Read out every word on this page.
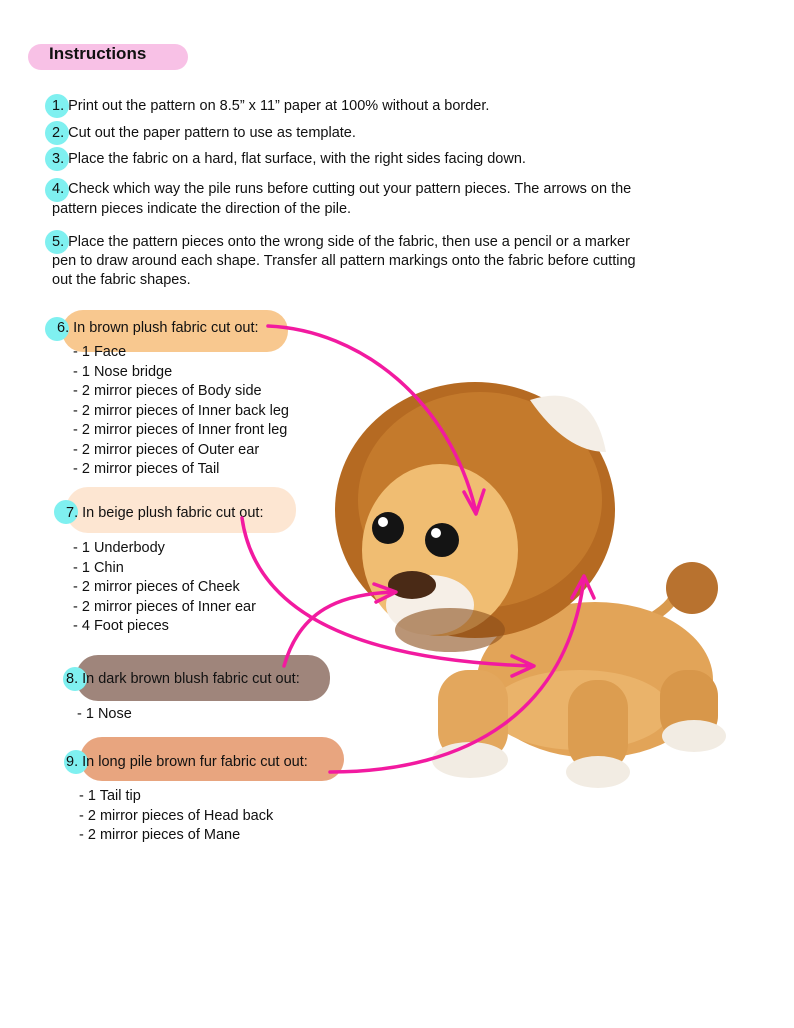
Instructions
1. Print out the pattern on 8.5” x 11” paper at 100% without a border.
2. Cut out the paper pattern to use as template.
3. Place the fabric on a hard, flat surface, with the right sides facing down.
4. Check which way the pile runs before cutting out your pattern pieces. The arrows on the
pattern pieces indicate the direction of the pile.
5. Place the pattern pieces onto the wrong side of the fabric, then use a pencil or a marker
pen to draw around each shape. Transfer all pattern markings onto the fabric before cutting
out the fabric shapes.
6. In brown plush fabric cut out:
- 1 Face
- 1 Nose bridge
- 2 mirror pieces of Body side
- 2 mirror pieces of Inner back leg
- 2 mirror pieces of Inner front leg
- 2 mirror pieces of Outer ear
- 2 mirror pieces of Tail
7. In beige plush fabric cut out:
- 1 Underbody
- 1 Chin
- 2 mirror pieces of Cheek
- 2 mirror pieces of Inner ear
- 4 Foot pieces
8. In dark brown blush fabric cut out:
- 1 Nose
9. In long pile brown fur fabric cut out:
- 1 Tail tip
- 2 mirror pieces of Head back
- 2 mirror pieces of Mane
